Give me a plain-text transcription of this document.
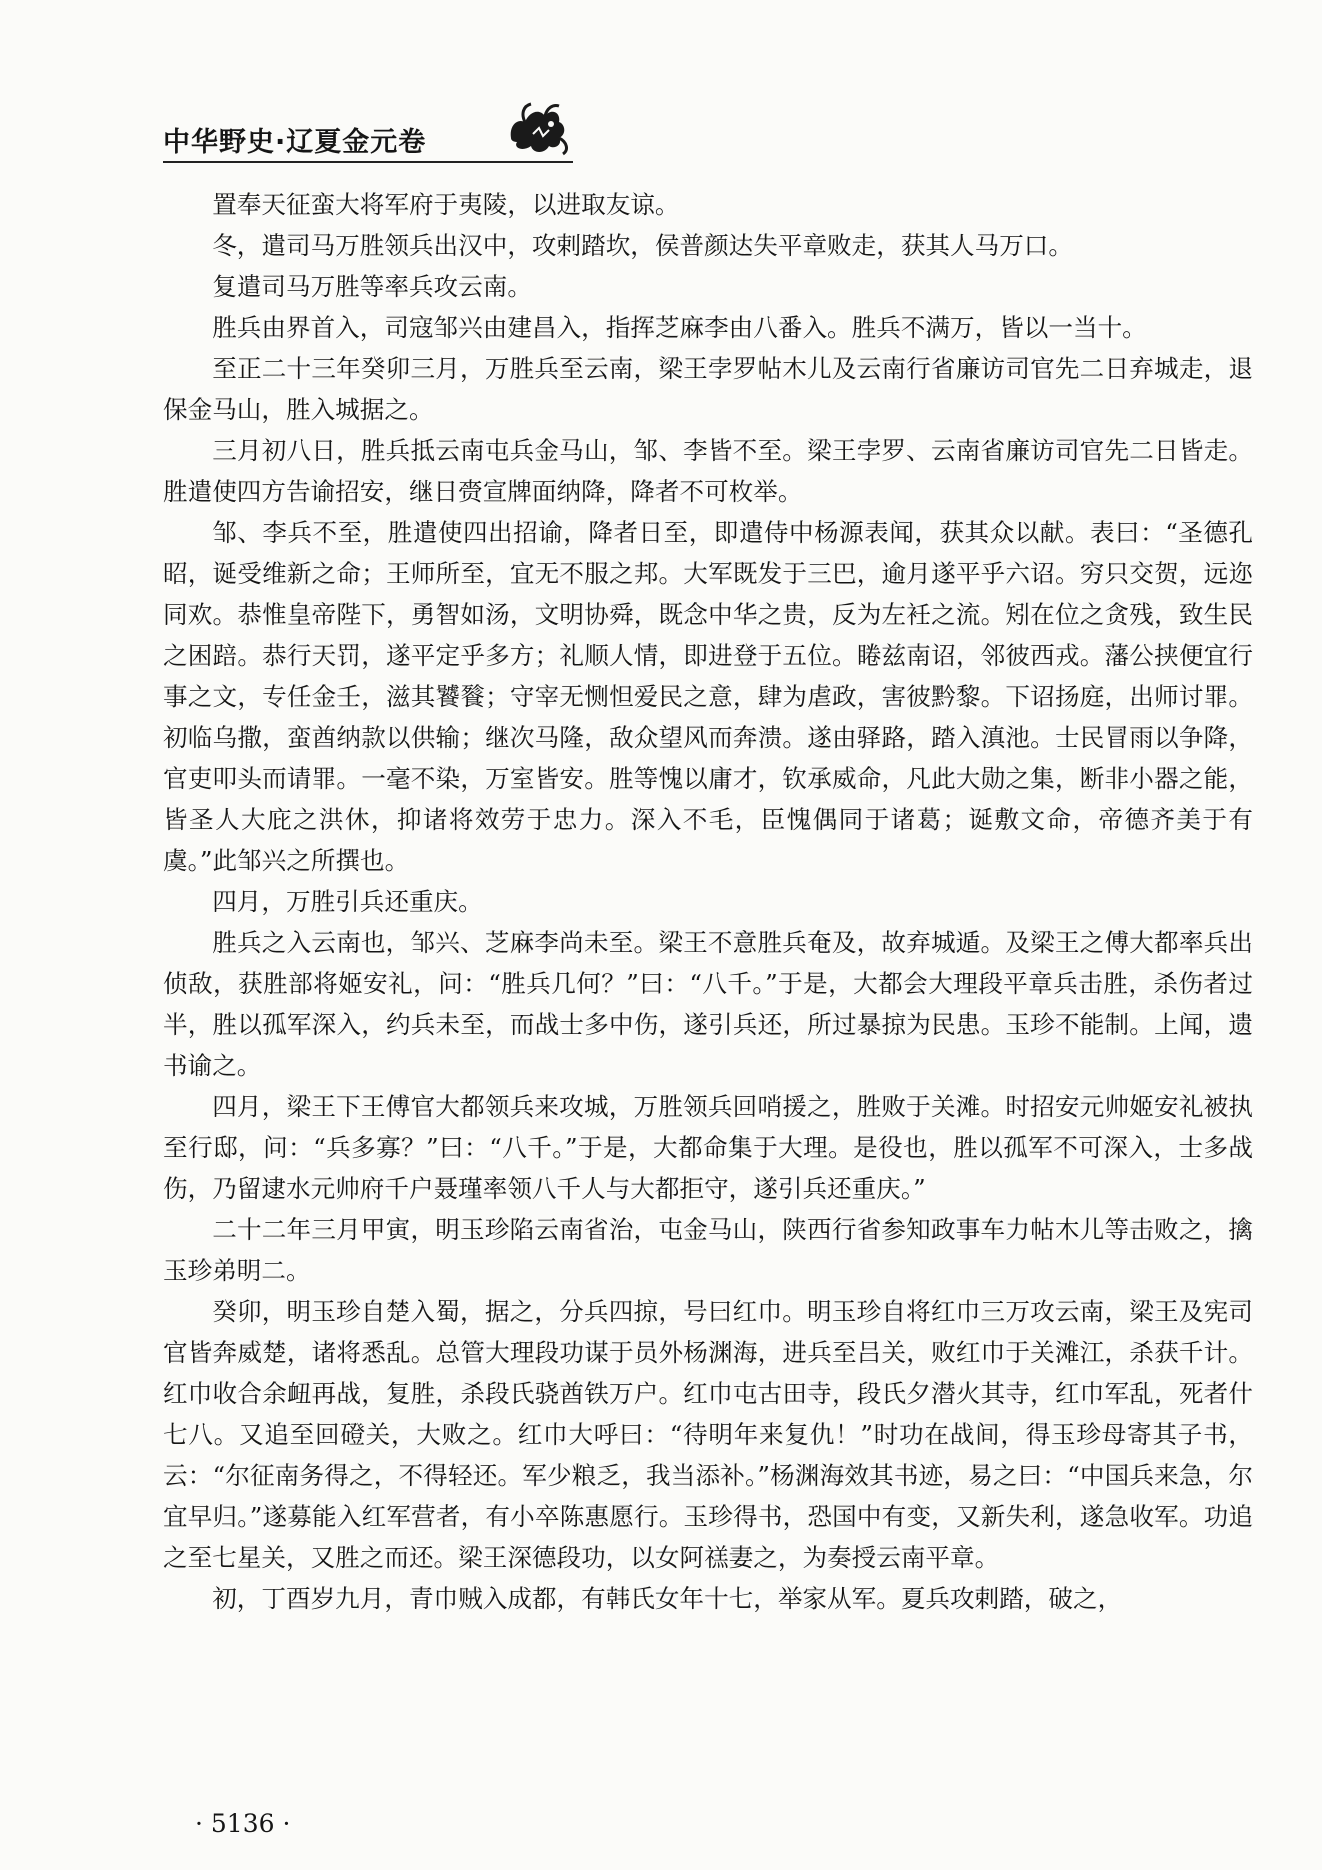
中华野史·辽夏金元卷

置奉天征蛮大将军府于夷陵，以进取友谅。

冬，遣司马万胜领兵出汉中，攻剌踏坎，侯普颜达失平章败走，获其人马万口。

复遣司马万胜等率兵攻云南。

胜兵由界首入，司寇邹兴由建昌入，指挥芝麻李由八番入。胜兵不满万，皆以一当十。

至正二十三年癸卯三月，万胜兵至云南，梁王孛罗帖木儿及云南行省廉访司官先二日弃城走，退保金马山，胜入城据之。

三月初八日，胜兵抵云南屯兵金马山，邹、李皆不至。梁王孛罗、云南省廉访司官先二日皆走。胜遣使四方告谕招安，继日赍宣牌面纳降，降者不可枚举。

邹、李兵不至，胜遣使四出招谕，降者日至，即遣侍中杨源表闻，获其众以献。表曰：“圣德孔昭，诞受维新之命；王师所至，宜无不服之邦。大军既发于三巴，逾月遂平乎六诏。穷只交贺，远迩同欢。恭惟皇帝陛下，勇智如汤，文明协舜，既念中华之贵，反为左衽之流。矧在位之贪残，致生民之困踣。恭行天罚，遂平定乎多方；礼顺人情，即进登于五位。睠兹南诏，邻彼西戎。藩公挟便宜行事之文，专任金壬，滋其饕餮；守宰无恻怛爱民之意，肆为虐政，害彼黔黎。下诏扬庭，出师讨罪。初临乌撒，蛮酋纳款以供输；继次马隆，敌众望风而奔溃。遂由驿路，踏入滇池。士民冒雨以争降，官吏叩头而请罪。一毫不染，万室皆安。胜等愧以庸才，钦承威命，凡此大勋之集，断非小器之能，皆圣人大庇之洪休，抑诸将效劳于忠力。深入不毛，臣愧偶同于诸葛；诞敷文命，帝德齐美于有虞。”此邹兴之所撰也。

四月，万胜引兵还重庆。

胜兵之入云南也，邹兴、芝麻李尚未至。梁王不意胜兵奄及，故弃城遁。及梁王之傅大都率兵出侦敌，获胜部将姬安礼，问：“胜兵几何？”曰：“八千。”于是，大都会大理段平章兵击胜，杀伤者过半，胜以孤军深入，约兵未至，而战士多中伤，遂引兵还，所过暴掠为民患。玉珍不能制。上闻，遗书谕之。

四月，梁王下王傅官大都领兵来攻城，万胜领兵回哨援之，胜败于关滩。时招安元帅姬安礼被执至行邸，问：“兵多寡？”曰：“八千。”于是，大都命集于大理。是役也，胜以孤军不可深入，士多战伤，乃留逮水元帅府千户聂瑾率领八千人与大都拒守，遂引兵还重庆。”

二十二年三月甲寅，明玉珍陷云南省治，屯金马山，陕西行省参知政事车力帖木儿等击败之，擒玉珍弟明二。

癸卯，明玉珍自楚入蜀，据之，分兵四掠，号曰红巾。明玉珍自将红巾三万攻云南，梁王及宪司官皆奔威楚，诸将悉乱。总管大理段功谋于员外杨渊海，进兵至吕关，败红巾于关滩江，杀获千计。红巾收合余衄再战，复胜，杀段氏骁酋铁万户。红巾屯古田寺，段氏夕潜火其寺，红巾军乱，死者什七八。又追至回磴关，大败之。红巾大呼曰：“待明年来复仇！”时功在战间，得玉珍母寄其子书，云：“尔征南务得之，不得轻还。军少粮乏，我当添补。”杨渊海效其书迹，易之曰：“中国兵来急，尔宜早归。”遂募能入红军营者，有小卒陈惠愿行。玉珍得书，恐国中有变，又新失利，遂急收军。功追之至七星关，又胜之而还。梁王深德段功，以女阿禚妻之，为奏授云南平章。

初，丁酉岁九月，青巾贼入成都，有韩氏女年十七，举家从军。夏兵攻剌踏，破之，

· 5136 ·
